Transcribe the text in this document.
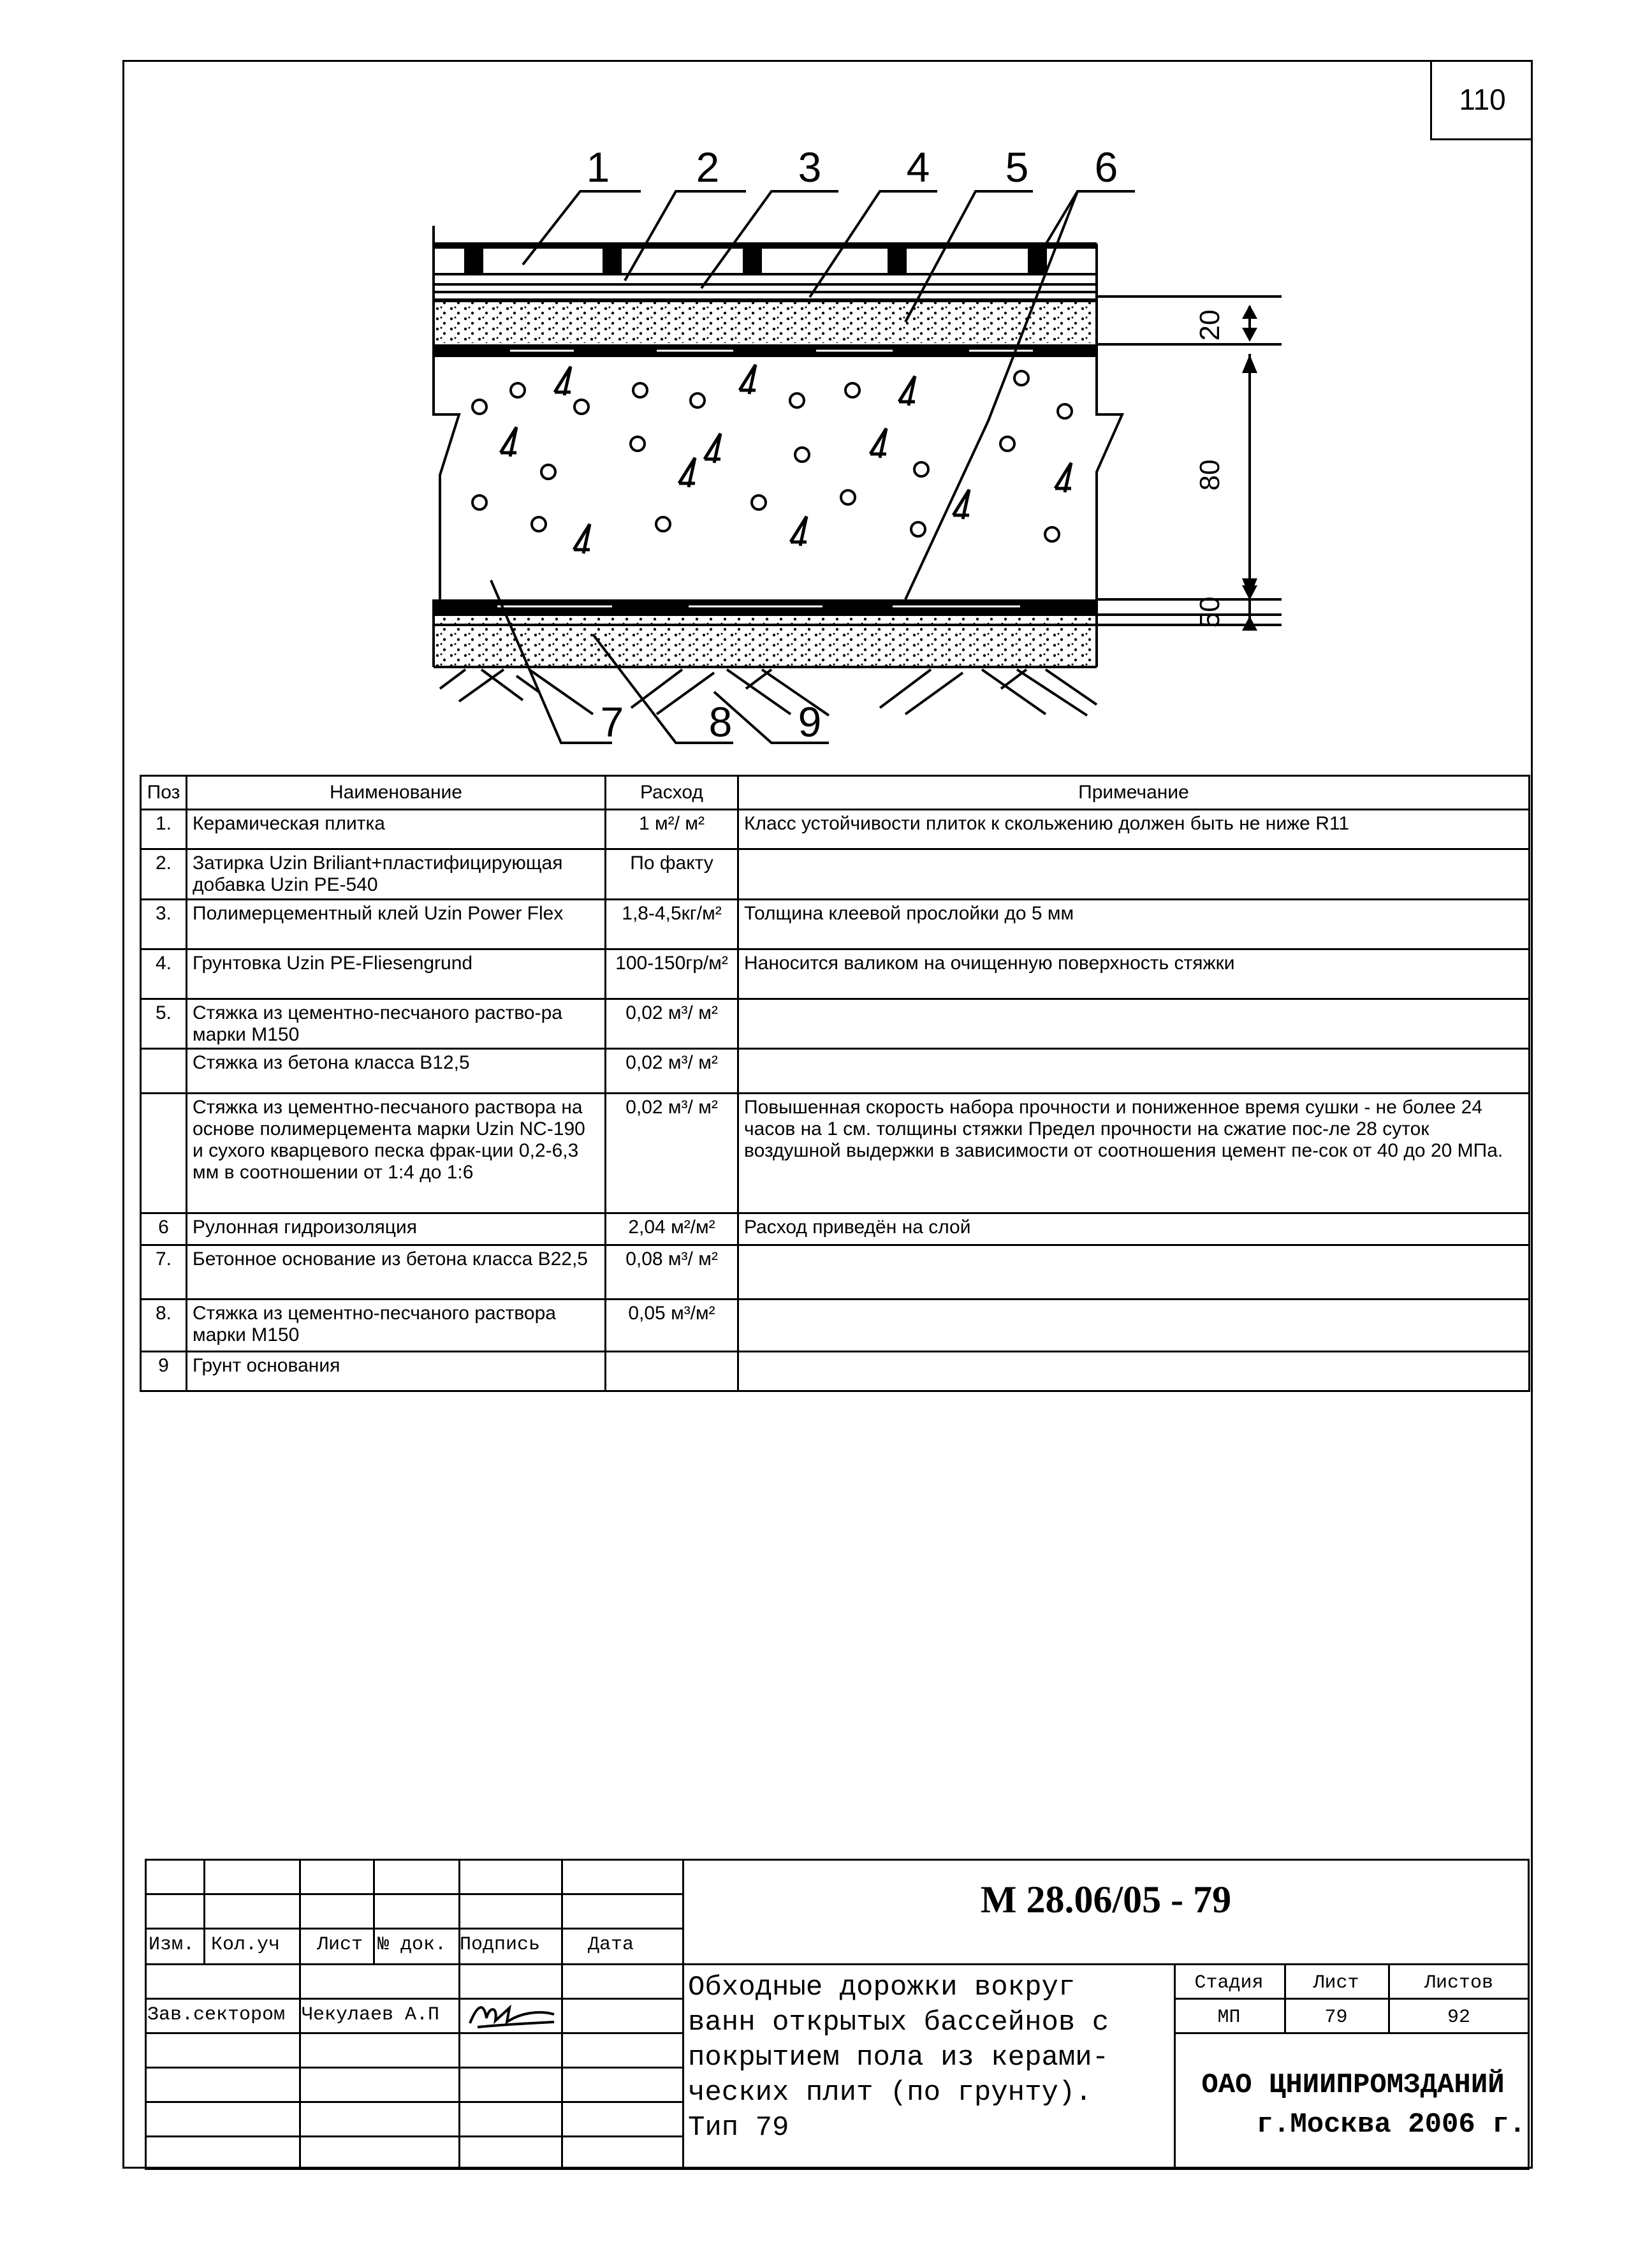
110
20
80
50
1 2 3 4 5 6
7 8 9
Поз	Наименование	Расход	Примечание
1.	Керамическая плитка	1 м²/ м²	Класс устойчивости плиток к скольжению должен быть не ниже R11
2.	Затирка Uzin Briliant+пластифицирующая добавка Uzin PE-540	По факту	
3.	Полимерцементный клей Uzin Power Flex	1,8-4,5кг/м²	Толщина клеевой прослойки до 5 мм
4.	Грунтовка Uzin PE-Fliesengrund	100-150гр/м²	Наносится валиком на очищенную поверхность стяжки
5.	Стяжка из цементно-песчаного раство-ра марки М150	0,02 м³/ м²	
	Стяжка из бетона класса В12,5	0,02 м³/ м²	
	Стяжка из цементно-песчаного раствора на основе полимерцемента марки Uzin NC-190 и сухого кварцевого песка фрак-ции 0,2-6,3 мм в соотношении от 1:4 до 1:6	0,02 м³/ м²	Повышенная скорость набора прочности и пониженное время сушки - не более 24 часов на 1 см. толщины стяжки Предел прочности на сжатие пос-ле 28 суток воздушной выдержки в зависимости от соотношения цемент пе-сок от 40 до 20 МПа.
6	Рулонная гидроизоляция	2,04 м²/м²	Расход приведён на слой
7.	Бетонное основание из бетона класса В22,5	0,08 м³/ м²	
8.	Стяжка из цементно-песчаного раствора марки М150	0,05 м³/м²	
9	Грунт основания		
М 28.06/05 - 79
Изм. Кол.уч Лист № док. Подпись Дата
Зав.сектором Чекулаев А.П
Обходные дорожки вокруг
ванн открытых бассейнов с
покрытием пола из керами-
ческих плит (по грунту).
Тип 79
Стадия	Лист	Листов
МП	79	92
ОАО ЦНИИПРОМЗДАНИЙ
г.Москва 2006 г.
